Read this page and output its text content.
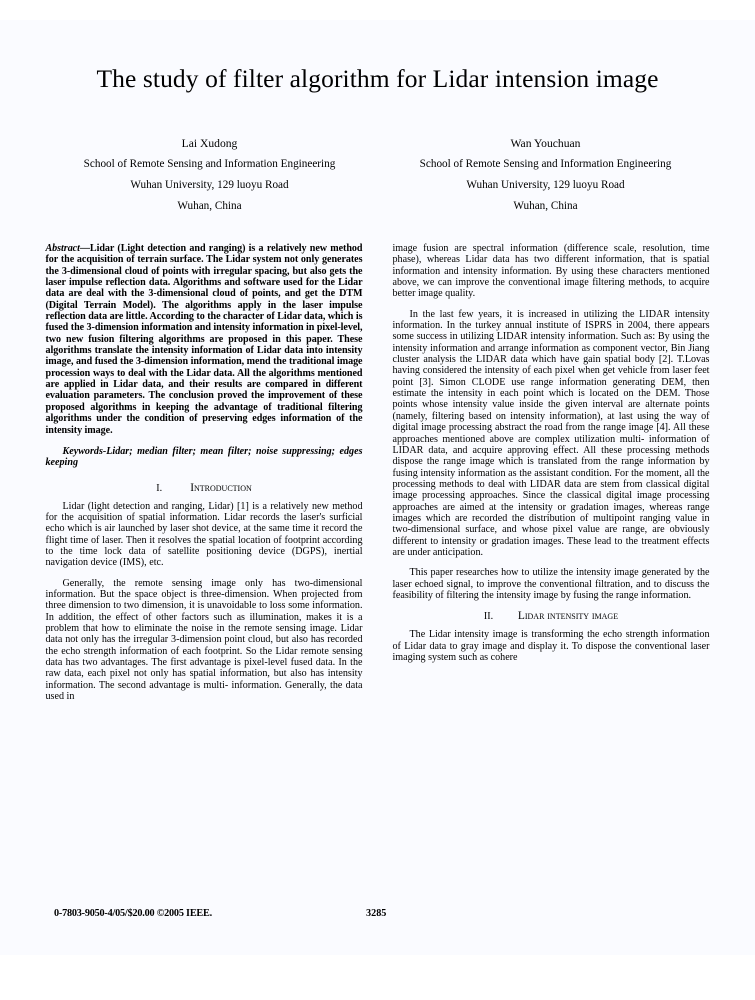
The study of filter algorithm for Lidar intension image
Lai Xudong
School of Remote Sensing and Information Engineering
Wuhan University, 129 luoyu Road
Wuhan, China
Wan Youchuan
School of Remote Sensing and Information Engineering
Wuhan University, 129 luoyu Road
Wuhan, China

Abstract—Lidar (Light detection and ranging) is a relatively new method for the acquisition of terrain surface. The Lidar system not only generates the 3-dimensional cloud of points with irregular spacing, but also gets the laser impulse reflection data. Algorithms and software used for the Lidar data are deal with the 3-dimensional cloud of points, and get the DTM (Digital Terrain Model). The algorithms apply in the laser impulse reflection data are little. According to the character of Lidar data, which is fused the 3-dimension information and intensity information in pixel-level, two new fusion filtering algorithms are proposed in this paper. These algorithms translate the intensity information of Lidar data into intensity image, and fused the 3-dimension information, mend the traditional image procession ways to deal with the Lidar data. All the algorithms mentioned are applied in Lidar data, and their results are compared in different evaluation parameters. The conclusion proved the improvement of these proposed algorithms in keeping the advantage of traditional filtering algorithms under the condition of preserving edges information of the intensity image.

Keywords-Lidar; median filter; mean filter; noise suppressing; edges keeping

I. Introduction

Lidar (light detection and ranging, Lidar) [1] is a relatively new method for the acquisition of spatial information. Lidar records the laser's surficial echo which is air launched by laser shot device, at the same time it record the flight time of laser. Then it resolves the spatial location of footprint according to the time lock data of satellite positioning device (DGPS), inertial navigation device (IMS), etc.

Generally, the remote sensing image only has two-dimensional information. But the space object is three-dimension. When projected from three dimension to two dimension, it is unavoidable to loss some information. In addition, the effect of other factors such as illumination, makes it is a problem that how to eliminate the noise in the remote sensing image. Lidar data not only has the irregular 3-dimension point cloud, but also has recorded the echo strength information of each footprint. So the Lidar remote sensing data has two advantages. The first advantage is pixel-level fused data. In the raw data, each pixel not only has spatial information, but also has intensity information. The second advantage is multi- information. Generally, the data used in

image fusion are spectral information (difference scale, resolution, time phase), whereas Lidar data has two different information, that is spatial information and intensity information. By using these characters mentioned above, we can improve the conventional image filtering methods, to acquire better image quality.

In the last few years, it is increased in utilizing the LIDAR intensity information. In the turkey annual institute of ISPRS in 2004, there appears some success in utilizing LIDAR intensity information. Such as: By using the intensity information and arrange information as component vector, Bin Jiang cluster analysis the LIDAR data which have gain spatial body [2]. T.Lovas having considered the intensity of each pixel when get vehicle from laser feet point [3]. Simon CLODE use range information generating DEM, then estimate the intensity in each point which is located on the DEM. Those points whose intensity value inside the given interval are alternate points (namely, filtering based on intensity information), at last using the way of digital image processing abstract the road from the range image [4]. All these approaches mentioned above are complex utilization multi- information of LIDAR data, and acquire approving effect. All these processing methods dispose the range image which is translated from the range information by fusing intensity information as the assistant condition. For the moment, all the processing methods to deal with LIDAR data are stem from classical digital image processing approaches. Since the classical digital image processing approaches are aimed at the intensity or gradation images, whereas range images which are recorded the distribution of multipoint ranging value in two-dimensional surface, and whose pixel value are range, are obviously different to intensity or gradation images. These lead to the treatment effects are under anticipation.

This paper researches how to utilize the intensity image generated by the laser echoed signal, to improve the conventional filtration, and to discuss the feasibility of filtering the intensity image by fusing the range information.

II. Lidar intensity image

The Lidar intensity image is transforming the echo strength information of Lidar data to gray image and display it. To dispose the conventional laser imaging system such as cohere

0-7803-9050-4/05/$20.00 ©2005 IEEE.	3285
